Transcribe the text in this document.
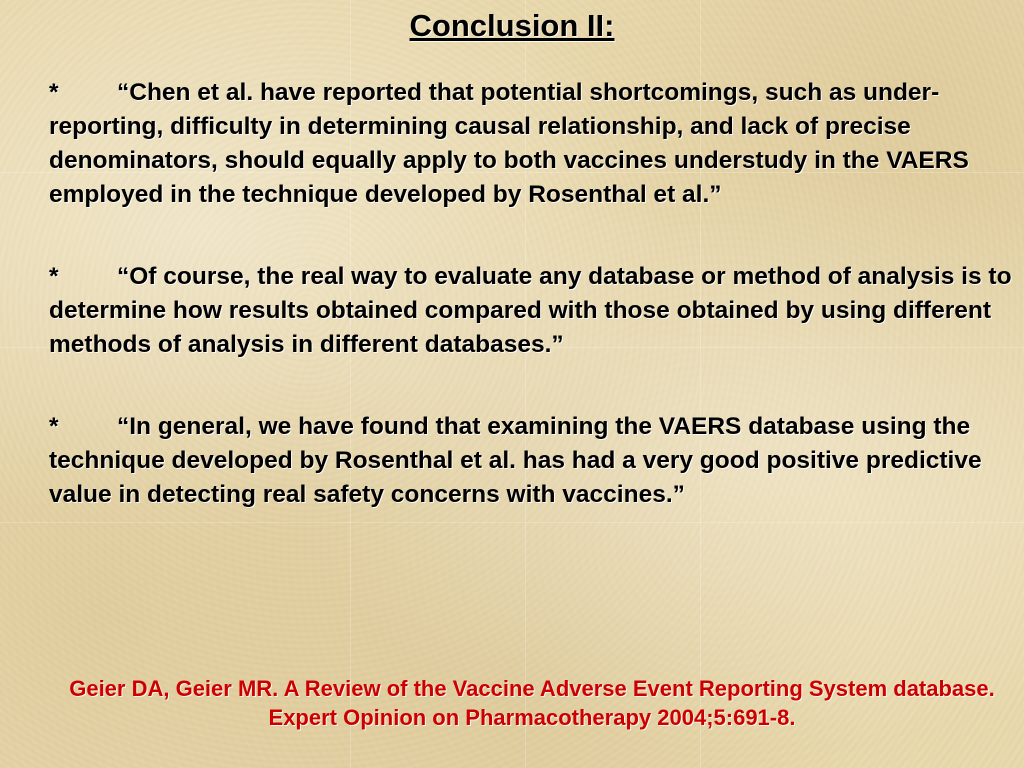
Conclusion II:
* “Chen et al. have reported that potential shortcomings, such as under-reporting, difficulty in determining causal relationship, and lack of precise denominators, should equally apply to both vaccines understudy in the VAERS employed in the technique developed by Rosenthal et al.”
* “Of course, the real way to evaluate any database or method of analysis is to determine how results obtained compared with those obtained by using different methods of analysis in different databases.”
* “In general, we have found that examining the VAERS database using the technique developed by Rosenthal et al. has had a very good positive predictive value in detecting real safety concerns with vaccines.”

Geier DA, Geier MR. A Review of the Vaccine Adverse Event Reporting System database. Expert Opinion on Pharmacotherapy 2004;5:691-8.
